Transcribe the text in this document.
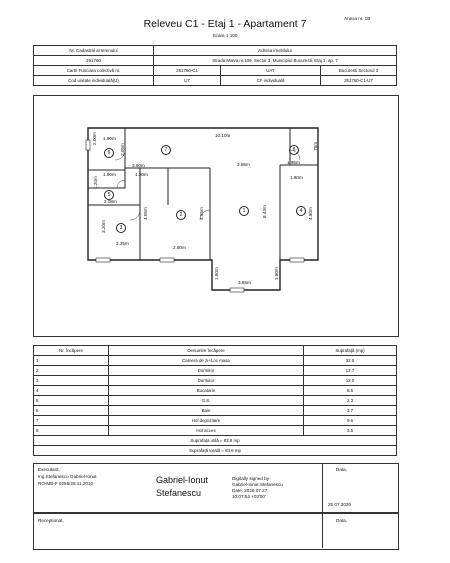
Releveu C1 - Etaj 1 - Apartament 7
Scara 1:100
Anexa nr. 1B
Nr. Cadastral al terenului	Adresa imobilului		
251760	Strada Malva nr.109, Sector 3, Municipiul Bucuresti, Etaj 1, ap. 7		
Carte Funciara colectivă nr.	251760-C1	UAT	Bucuresti Sectorul 3
Cod unitate individuală(U)	U7	CF individuală	251760-C1-U7
1
2
3
4
5
6	7	8
10.10m
1.90m
2.00m
2.05m
1.90m
1.20m
3.90m
1.20m
2.08m
3.20m
4.55m
3.25m
4.55m
2.80m
3.85m
8.43m
1.95m
.78m
1.80m
4.80m
3.65m
1.80m	1.80m
Nr. Încăpere	Denumire încăpere	Suprafață (mp)
1	Camera de zi+Loc masa	32.5
2	Dormitor	12.7
3	Dormitor	12.0
4	Bucatarie	8.5
5	G.S.	2.3
6	Baie	3.7
7	Hol depozitare	9.6
8	Hol acces	3.5
Suprafața utilă = 83.8 mp		
Suprafață totală = 83.8 mp		
Executant,
Ing.Stefanescu Gabriel-Ionut
RO-MB-F 0255/28.11.2010	Gabriel-Ionut
Stefanescu
Digitally signed by
Gabriel-Ionut Stefanescu
Date: 2026.07.27
10:07:54 +03'00'
Data,
25.07.2026
Receptionat,	Data,
